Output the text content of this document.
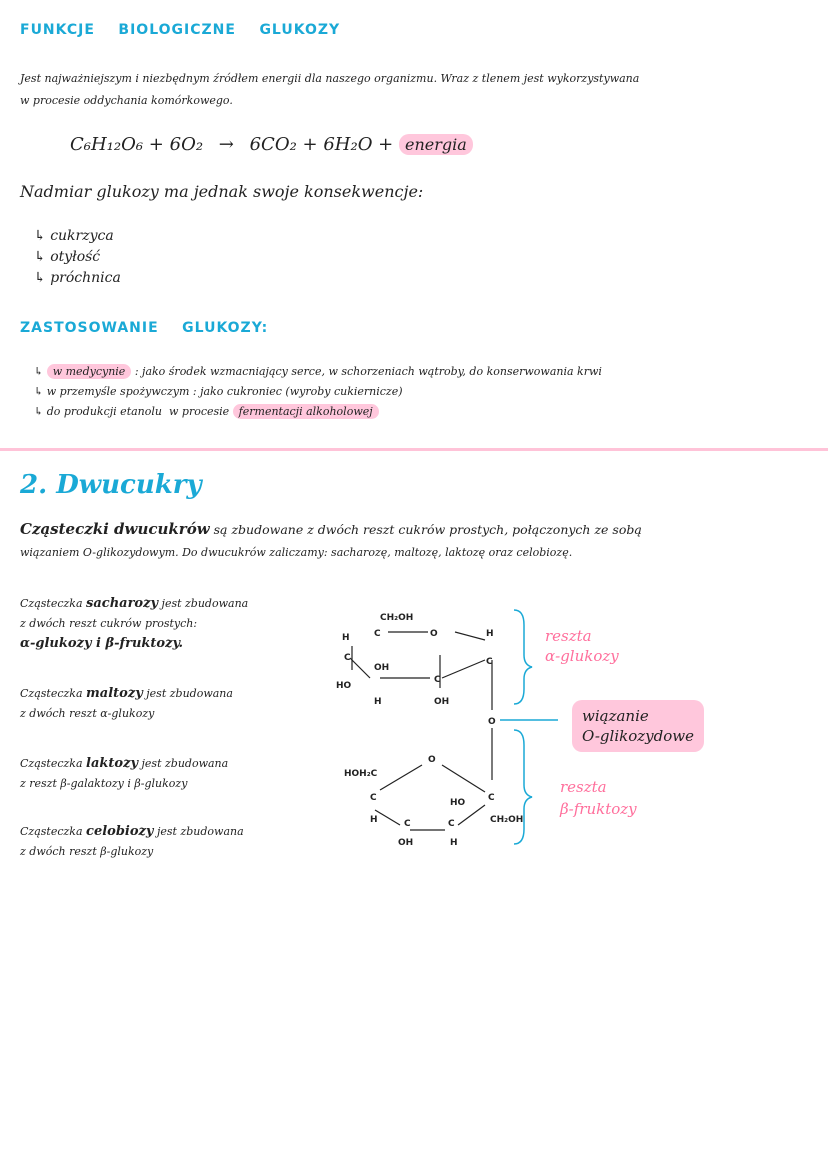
FUNKCJE BIOLOGICZNE GLUKOZY
Jest najważniejszym i niezbędnym źródłem energii dla naszego organizmu. Wraz z tlenem jest wykorzystywana
w procesie oddychania komórkowego.
C₆H₁₂O₆ + 6O₂ → 6CO₂ + 6H₂O + energia
Nadmiar glukozy ma jednak swoje konsekwencje:
↳ cukrzyca
↳ otyłość
↳ próchnica
ZASTOSOWANIE GLUKOZY:
↳ w medycynie : jako środek wzmacniający serce, w schorzeniach wątroby, do konserwowania krwi
↳ w przemyśle spożywczym : jako cukroniec (wyroby cukiernicze)
↳ do produkcji etanolu w procesie fermentacji alkoholowej
2. Dwucukry
Cząsteczki dwucukrów są zbudowane z dwóch reszt cukrów prostych, połączonych ze sobą
wiązaniem O-glikozydowym. Do dwucukrów zaliczamy: sacharozę, maltozę, laktozę oraz celobiozę.
Cząsteczka sacharozy jest zbudowana
z dwóch reszt cukrów prostych:
α-glukozy i β-fruktozy.
Cząsteczka maltozy jest zbudowana
z dwóch reszt α-glukozy
Cząsteczka laktozy jest zbudowana
z reszt β-galaktozy i β-glukozy
Cząsteczka celobiozy jest zbudowana
z dwóch reszt β-glukozy
CH₂OH
H	C	O	H
C	C
OH
C
HO
OH
H
O
HOH₂C
O
C	C
HO
CH₂OH
H	C	C
OH	H
reszta
α-glukozy
wiązanie
O-glikozydowe
reszta
β-fruktozy
